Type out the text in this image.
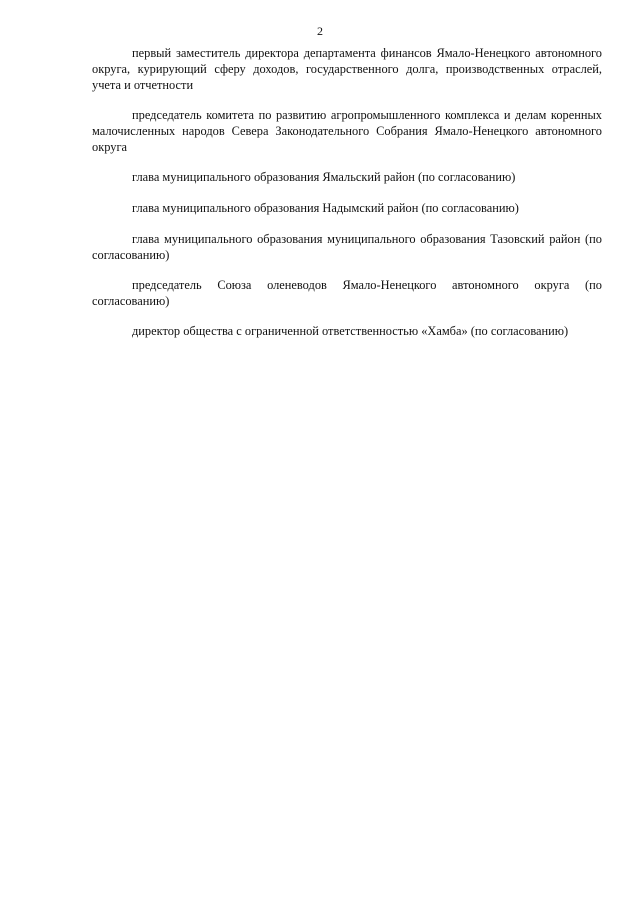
2

первый заместитель директора департамента финансов Ямало-Ненецкого автономного округа, курирующий сферу доходов, государственного долга, производственных отраслей, учета и отчетности

председатель комитета по развитию агропромышленного комплекса и делам коренных малочисленных народов Севера Законодательного Собрания Ямало-Ненецкого автономного округа

глава муниципального образования Ямальский район (по согласованию)

глава муниципального образования Надымский район (по согласованию)

глава муниципального образования муниципального образования Тазовский район (по согласованию)

председатель Союза оленеводов Ямало-Ненецкого автономного округа (по согласованию)

директор общества с ограниченной ответственностью «Хамба» (по согласованию)
